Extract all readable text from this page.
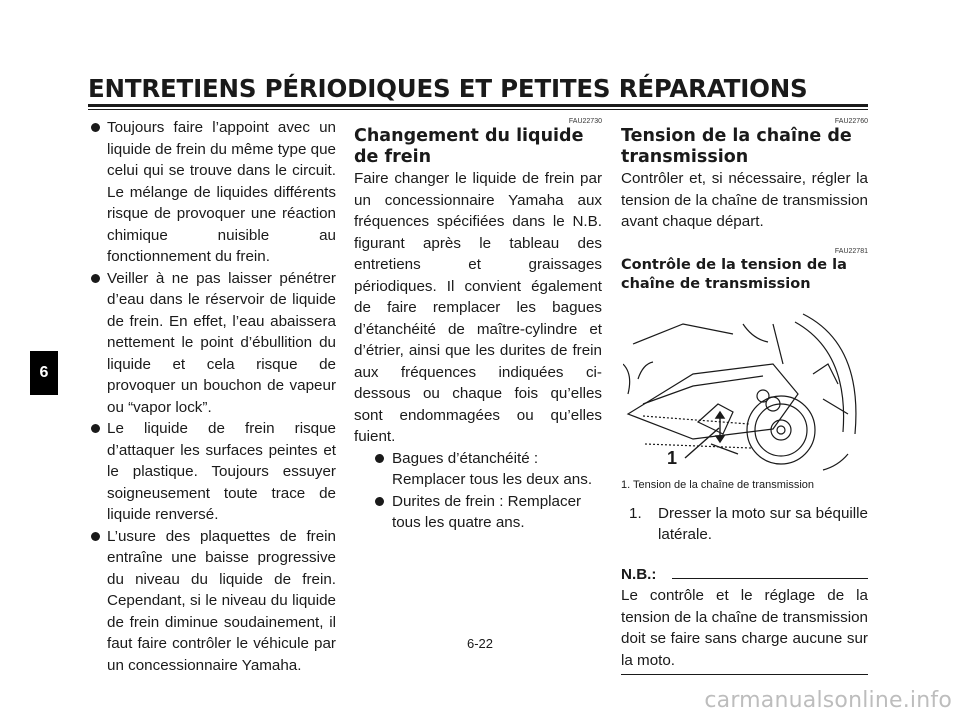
ENTRETIENS PÉRIODIQUES ET PETITES RÉPARATIONS
6
Toujours faire l’appoint avec un liquide de frein du même type que celui qui se trouve dans le circuit. Le mélange de liquides différents risque de provoquer une réaction chimique nuisible au fonctionnement du frein.
Veiller à ne pas laisser pénétrer d’eau dans le réservoir de liquide de frein. En effet, l’eau abaissera nettement le point d’ébullition du liquide et cela risque de provoquer un bouchon de vapeur ou “vapor lock”.
Le liquide de frein risque d’attaquer les surfaces peintes et le plastique. Toujours essuyer soigneusement toute trace de liquide renversé.
L’usure des plaquettes de frein entraîne une baisse progressive du niveau du liquide de frein. Cependant, si le niveau du liquide de frein diminue soudainement, il faut faire contrôler le véhicule par un concessionnaire Yamaha.
FAU22730
Changement du liquide de frein

Faire changer le liquide de frein par un concessionnaire Yamaha aux fréquences spécifiées dans le N.B. figurant après le tableau des entretiens et graissages périodiques. Il convient également de faire remplacer les bagues d’étanchéité de maître-cylindre et d’étrier, ainsi que les durites de frein aux fréquences indiquées ci-dessous ou chaque fois qu’elles sont endommagées ou qu’elles fuient.

Bagues d’étanchéité : Remplacer tous les deux ans.
Durites de frein : Remplacer tous les quatre ans.
FAU22760
Tension de la chaîne de transmission

Contrôler et, si nécessaire, régler la tension de la chaîne de transmission avant chaque départ.

FAU22781
Contrôle de la tension de la chaîne de transmission
1
1. Tension de la chaîne de transmission
1.	Dresser la moto sur sa béquille latérale.
N.B.:

Le contrôle et le réglage de la tension de la chaîne de transmission doit se faire sans charge aucune sur la moto.

6-22
carmanualsonline.info
